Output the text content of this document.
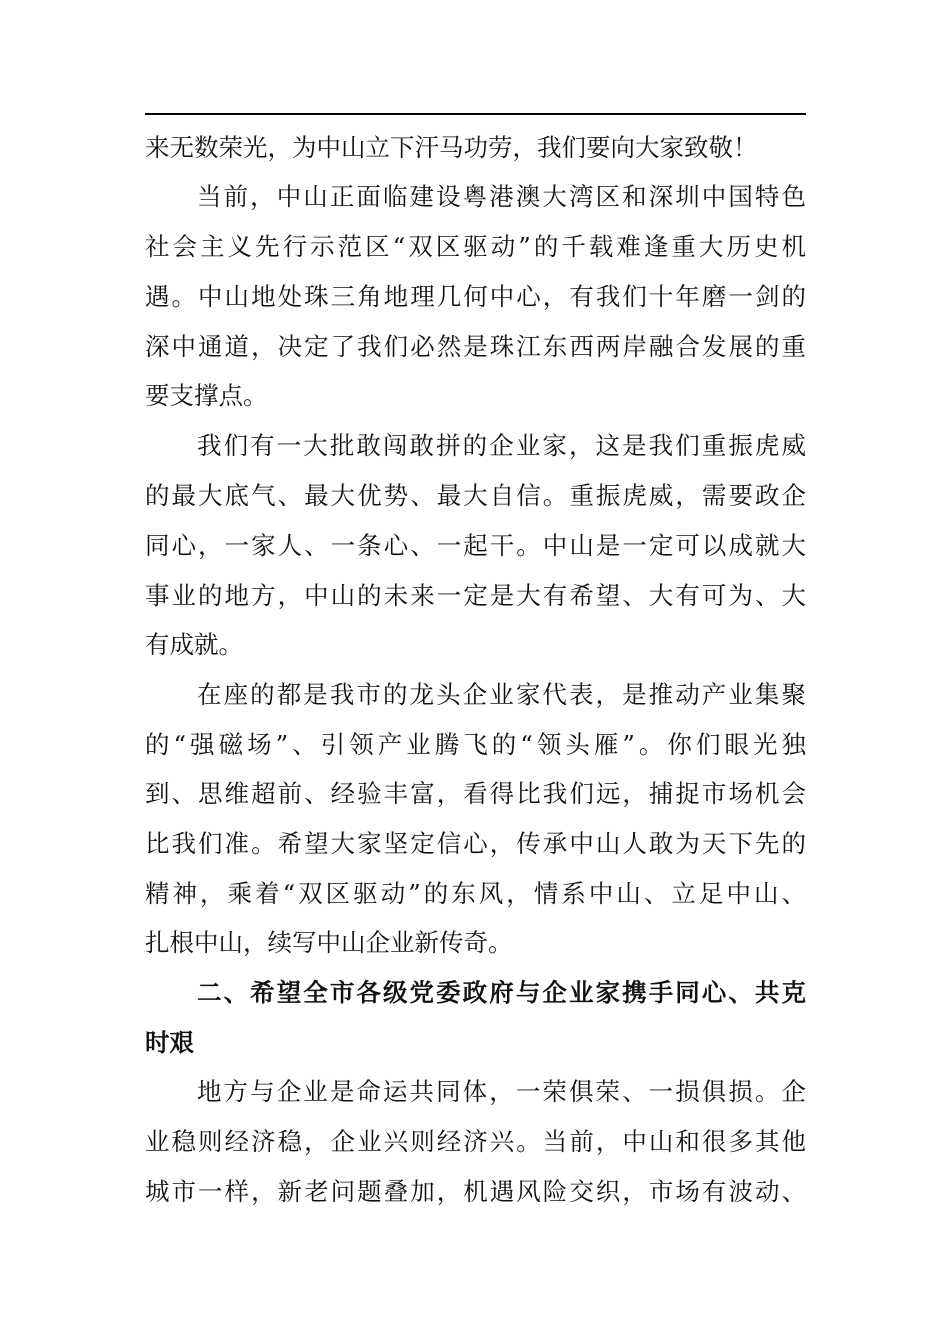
来无数荣光，为中山立下汗马功劳，我们要向大家致敬！
当前，中山正面临建设粤港澳大湾区和深圳中国特色
社会主义先行示范区“双区驱动”的千载难逢重大历史机
遇。中山地处珠三角地理几何中心，有我们十年磨一剑的
深中通道，决定了我们必然是珠江东西两岸融合发展的重
要支撑点。
我们有一大批敢闯敢拼的企业家，这是我们重振虎威
的最大底气、最大优势、最大自信。重振虎威，需要政企
同心，一家人、一条心、一起干。中山是一定可以成就大
事业的地方，中山的未来一定是大有希望、大有可为、大
有成就。
在座的都是我市的龙头企业家代表，是推动产业集聚
的“强磁场”、引领产业腾飞的“领头雁”。你们眼光独
到、思维超前、经验丰富，看得比我们远，捕捉市场机会
比我们准。希望大家坚定信心，传承中山人敢为天下先的
精神，乘着“双区驱动”的东风，情系中山、立足中山、
扎根中山，续写中山企业新传奇。
二、希望全市各级党委政府与企业家携手同心、共克
时艰
地方与企业是命运共同体，一荣俱荣、一损俱损。企
业稳则经济稳，企业兴则经济兴。当前，中山和很多其他
城市一样，新老问题叠加，机遇风险交织，市场有波动、
